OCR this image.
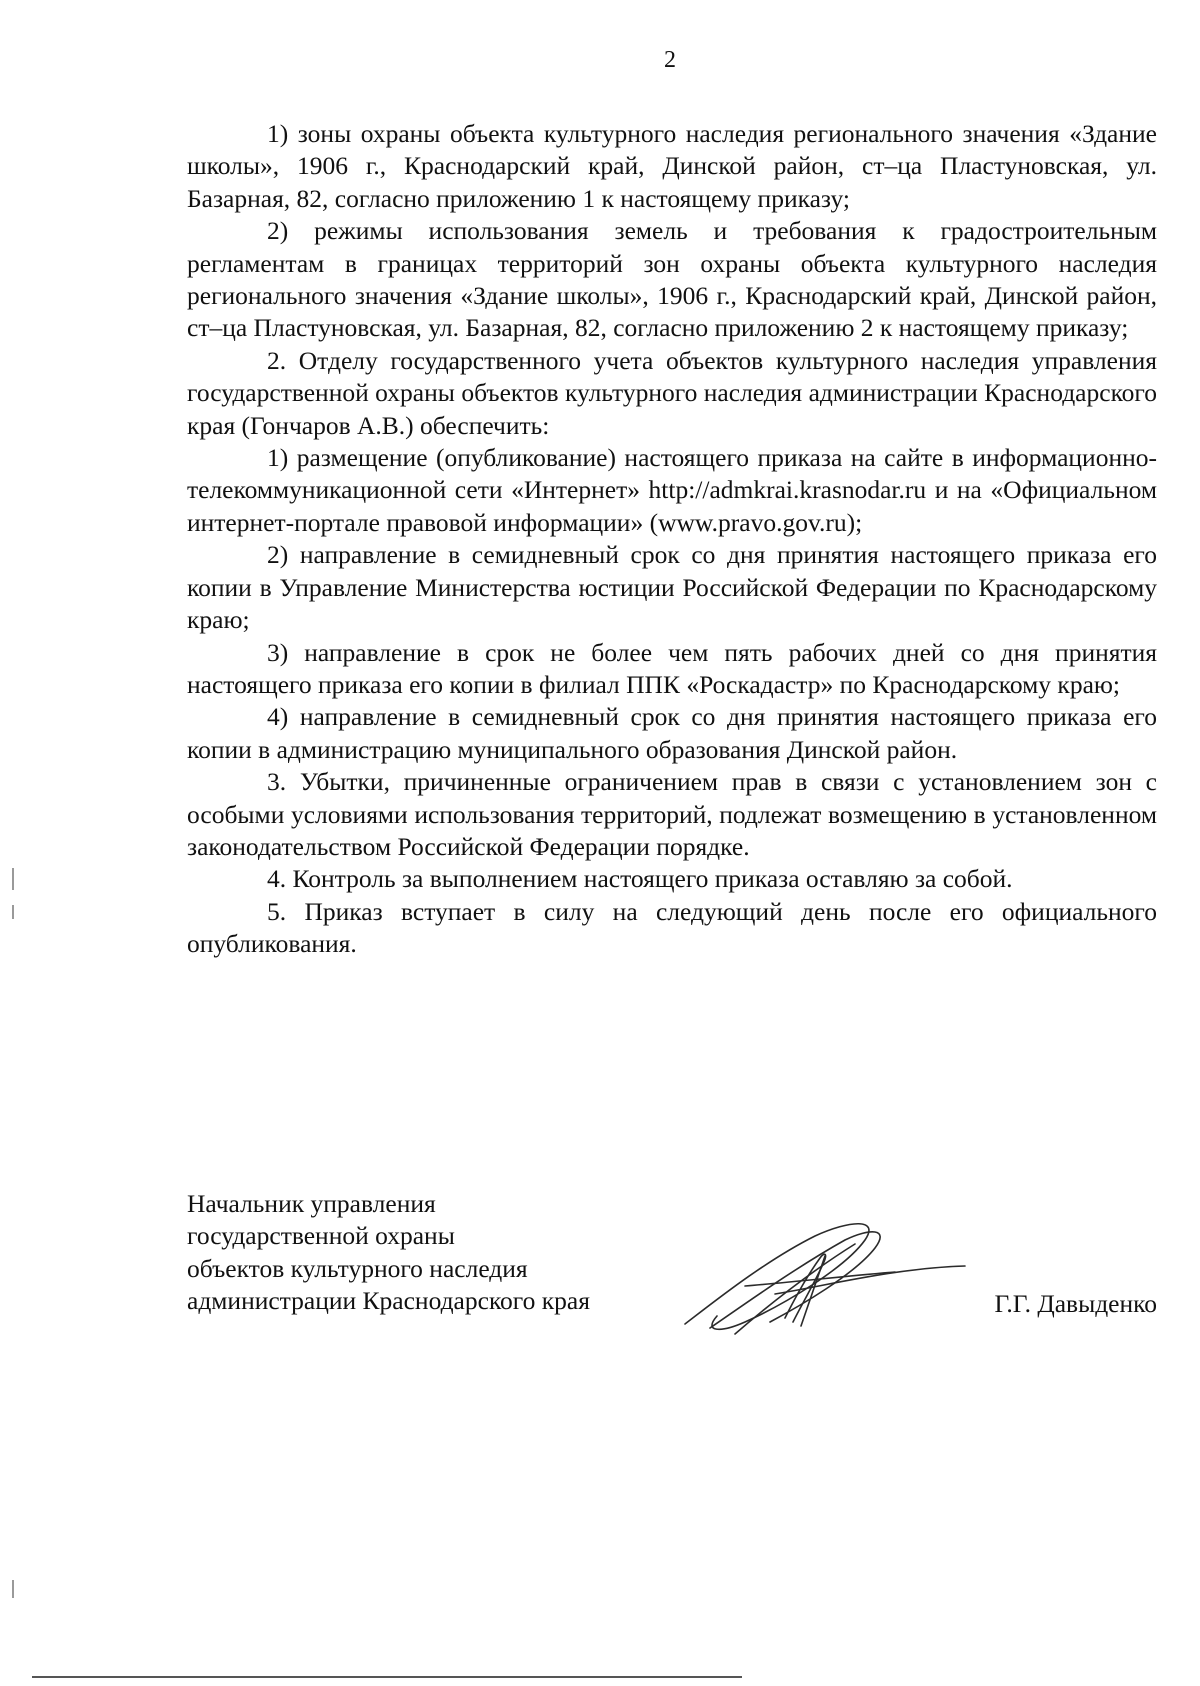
2

1) зоны охраны объекта культурного наследия регионального значения «Здание школы», 1906 г., Краснодарский край, Динской район, ст–ца Пластуновская, ул. Базарная, 82, согласно приложению 1 к настоящему приказу;

2) режимы использования земель и требования к градостроительным регламентам в границах территорий зон охраны объекта культурного наследия регионального значения «Здание школы», 1906 г., Краснодарский край, Динской район, ст–ца Пластуновская, ул. Базарная, 82, согласно приложению 2 к настоящему приказу;

2. Отделу государственного учета объектов культурного наследия управления государственной охраны объектов культурного наследия администрации Краснодарского края (Гончаров А.В.) обеспечить:

1) размещение (опубликование) настоящего приказа на сайте в информационно-телекоммуникационной сети «Интернет» http://admkrai.krasnodar.ru и на «Официальном интернет-портале правовой информации» (www.pravo.gov.ru);

2) направление в семидневный срок со дня принятия настоящего приказа его копии в Управление Министерства юстиции Российской Федерации по Краснодарскому краю;

3) направление в срок не более чем пять рабочих дней со дня принятия настоящего приказа его копии в филиал ППК «Роскадастр» по Краснодарскому краю;

4) направление в семидневный срок со дня принятия настоящего приказа его копии в администрацию муниципального образования Динской район.

3. Убытки, причиненные ограничением прав в связи с установлением зон с особыми условиями использования территорий, подлежат возмещению в установленном законодательством Российской Федерации порядке.

4. Контроль за выполнением настоящего приказа оставляю за собой.

5. Приказ вступает в силу на следующий день после его официального опубликования.

Начальник управления
государственной охраны
объектов культурного наследия
администрации Краснодарского края	Г.Г. Давыденко
